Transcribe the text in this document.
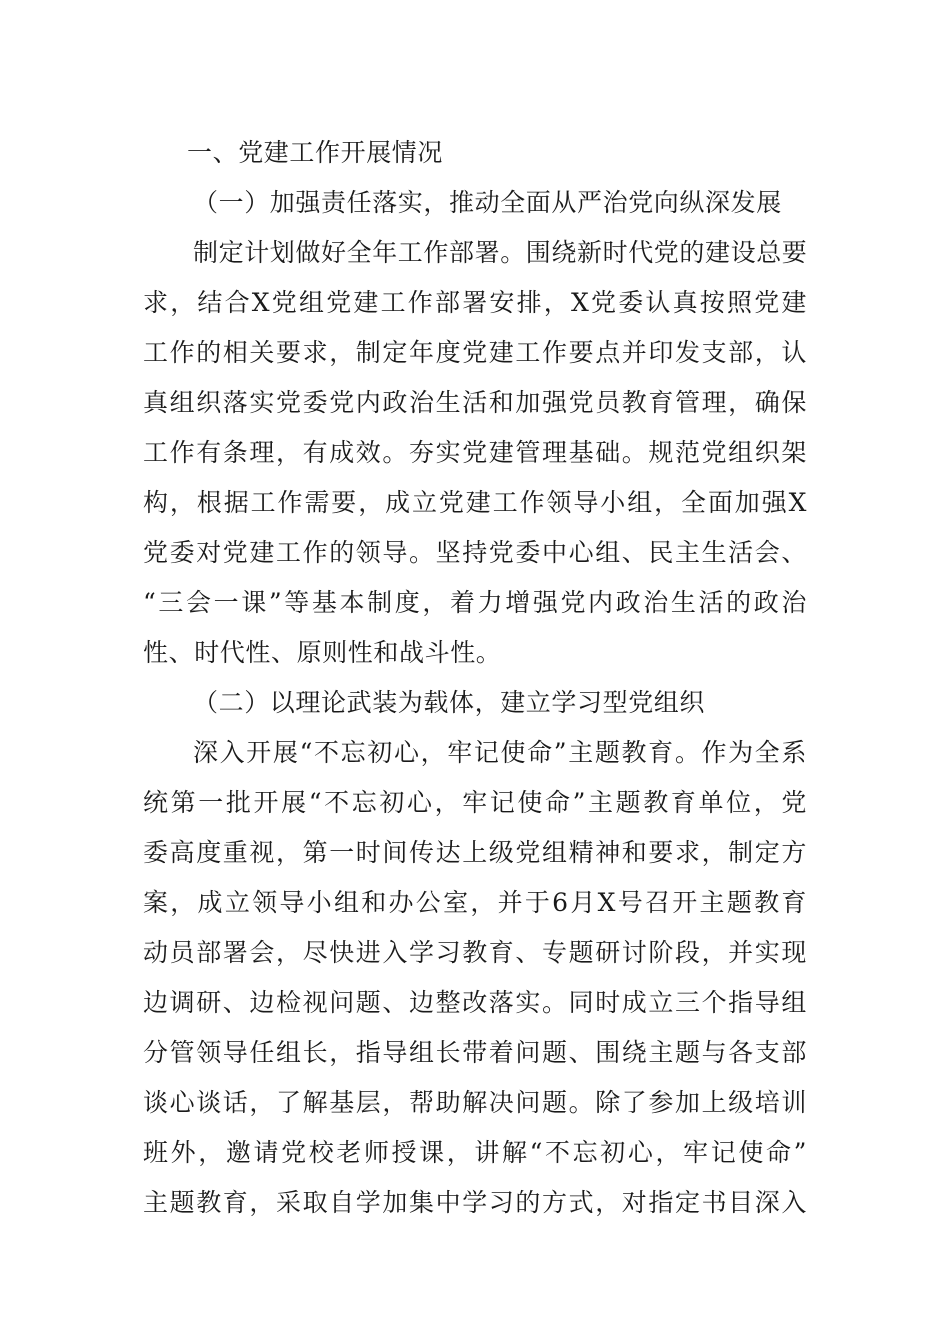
一、党建工作开展情况
（一）加强责任落实，推动全面从严治党向纵深发展
制定计划做好全年工作部署。围绕新时代党的建设总要
求，结合X党组党建工作部署安排，X党委认真按照党建
工作的相关要求，制定年度党建工作要点并印发支部，认
真组织落实党委党内政治生活和加强党员教育管理，确保
工作有条理，有成效。夯实党建管理基础。规范党组织架
构，根据工作需要，成立党建工作领导小组，全面加强X
党委对党建工作的领导。坚持党委中心组、民主生活会、
“三会一课”等基本制度，着力增强党内政治生活的政治
性、时代性、原则性和战斗性。
（二）以理论武装为载体，建立学习型党组织
深入开展“不忘初心，牢记使命”主题教育。作为全系
统第一批开展“不忘初心，牢记使命”主题教育单位，党
委高度重视，第一时间传达上级党组精神和要求，制定方
案，成立领导小组和办公室，并于6月X号召开主题教育
动员部署会，尽快进入学习教育、专题研讨阶段，并实现
边调研、边检视问题、边整改落实。同时成立三个指导组
分管领导任组长，指导组长带着问题、围绕主题与各支部
谈心谈话，了解基层，帮助解决问题。除了参加上级培训
班外，邀请党校老师授课，讲解“不忘初心，牢记使命”
主题教育，采取自学加集中学习的方式，对指定书目深入
